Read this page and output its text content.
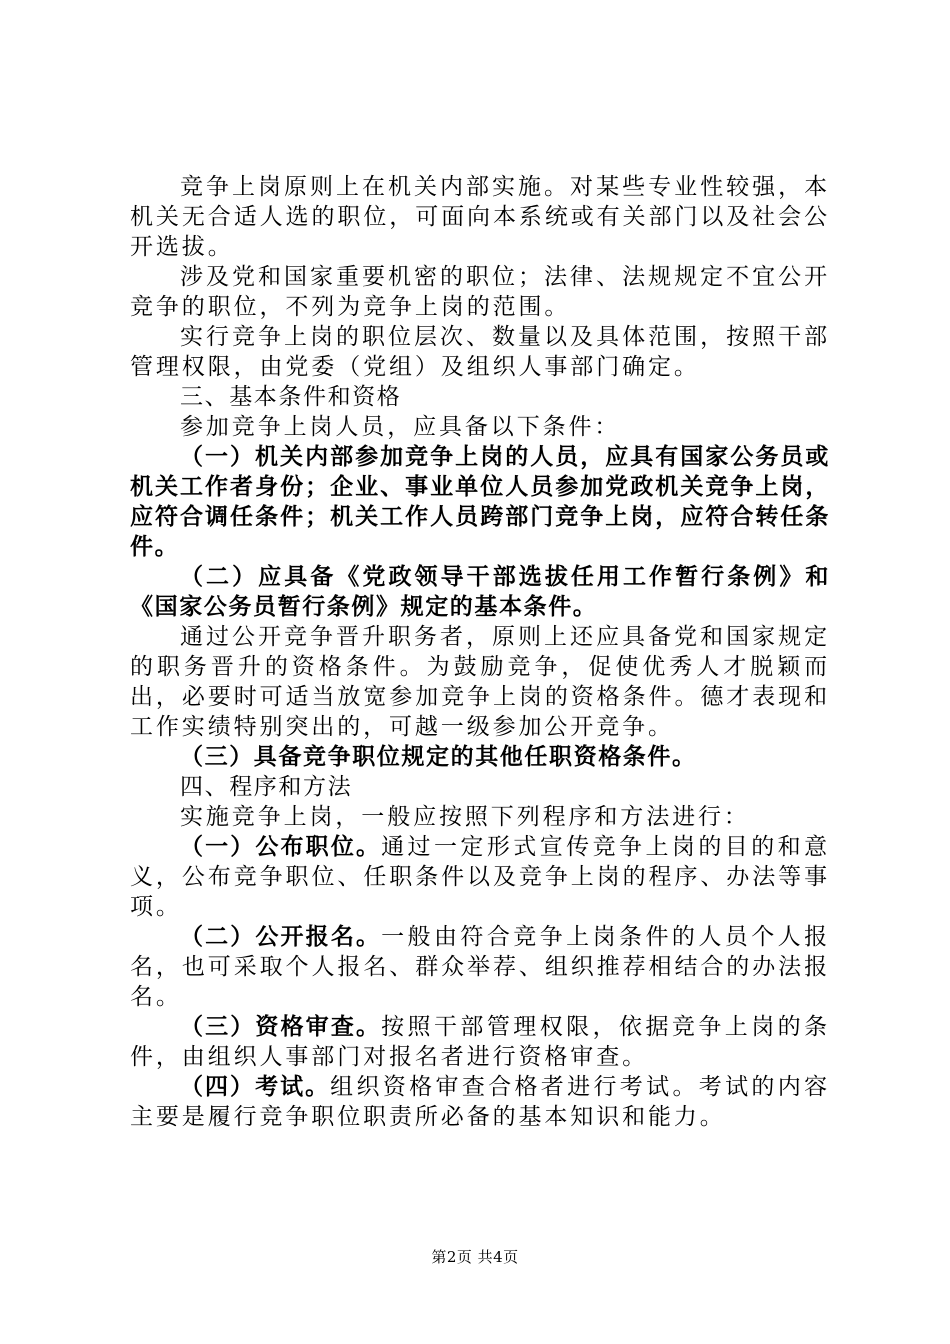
竞争上岗原则上在机关内部实施。对某些专业性较强，本机关无合适人选的职位，可面向本系统或有关部门以及社会公开选拔。

涉及党和国家重要机密的职位；法律、法规规定不宜公开竞争的职位，不列为竞争上岗的范围。

实行竞争上岗的职位层次、数量以及具体范围，按照干部管理权限，由党委（党组）及组织人事部门确定。

三、基本条件和资格

参加竞争上岗人员，应具备以下条件：

（一）机关内部参加竞争上岗的人员，应具有国家公务员或机关工作者身份；企业、事业单位人员参加党政机关竞争上岗，应符合调任条件；机关工作人员跨部门竞争上岗，应符合转任条件。

（二）应具备《党政领导干部选拔任用工作暂行条例》和《国家公务员暂行条例》规定的基本条件。

通过公开竞争晋升职务者，原则上还应具备党和国家规定的职务晋升的资格条件。为鼓励竞争，促使优秀人才脱颖而出，必要时可适当放宽参加竞争上岗的资格条件。德才表现和工作实绩特别突出的，可越一级参加公开竞争。

（三）具备竞争职位规定的其他任职资格条件。

四、程序和方法

实施竞争上岗，一般应按照下列程序和方法进行：

（一）公布职位。通过一定形式宣传竞争上岗的目的和意义，公布竞争职位、任职条件以及竞争上岗的程序、办法等事项。

（二）公开报名。一般由符合竞争上岗条件的人员个人报名，也可采取个人报名、群众举荐、组织推荐相结合的办法报名。

（三）资格审查。按照干部管理权限，依据竞争上岗的条件，由组织人事部门对报名者进行资格审查。

（四）考试。组织资格审查合格者进行考试。考试的内容主要是履行竞争职位职责所必备的基本知识和能力。

第2页 共4页
